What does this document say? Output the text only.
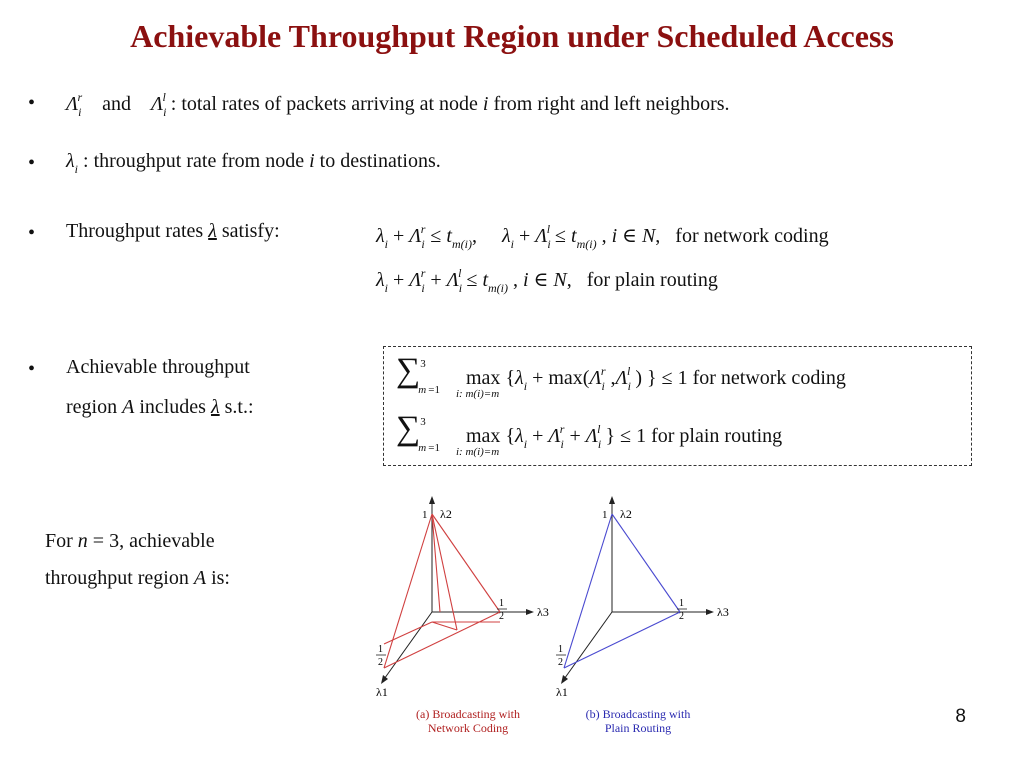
Achievable Throughput Region under Scheduled Access
• $\Lambda_i^r$ and $\Lambda_i^l$ : total rates of packets arriving at node i from right and left neighbors.
• $\lambda_i$ : throughput rate from node i to destinations.
• Throughput rates λ satisfy:	$\lambda_i + \Lambda_i^r \le t_{m(i)}$,     $\lambda_i + \Lambda_i^l \le t_{m(i)}$ , i ∈ N,   for network coding
$\lambda_i + \Lambda_i^r + \Lambda_i^l \le t_{m(i)}$ , i ∈ N,   for plain routing
• Achievable throughput
region A includes λ s.t.:
∑ 3
m =1
$\max \{\lambda_i + \max(\Lambda_i^r$ $,\Lambda_i^l$ ) } ≤ 1 for network coding
i: m(i)=m
∑ 3
m =1
$\max \{\lambda_i + \Lambda_i^r + \Lambda_i^l$ } ≤ 1 for plain routing
i: m(i)=m
For n = 3, achievable
throughput region A is:
1 λ2
1
2	λ3
1
2
λ1
(a) Broadcasting with
Network Coding
1 λ2
1
2	λ3
1
2
λ1
(b) Broadcasting with
Plain Routing
8
